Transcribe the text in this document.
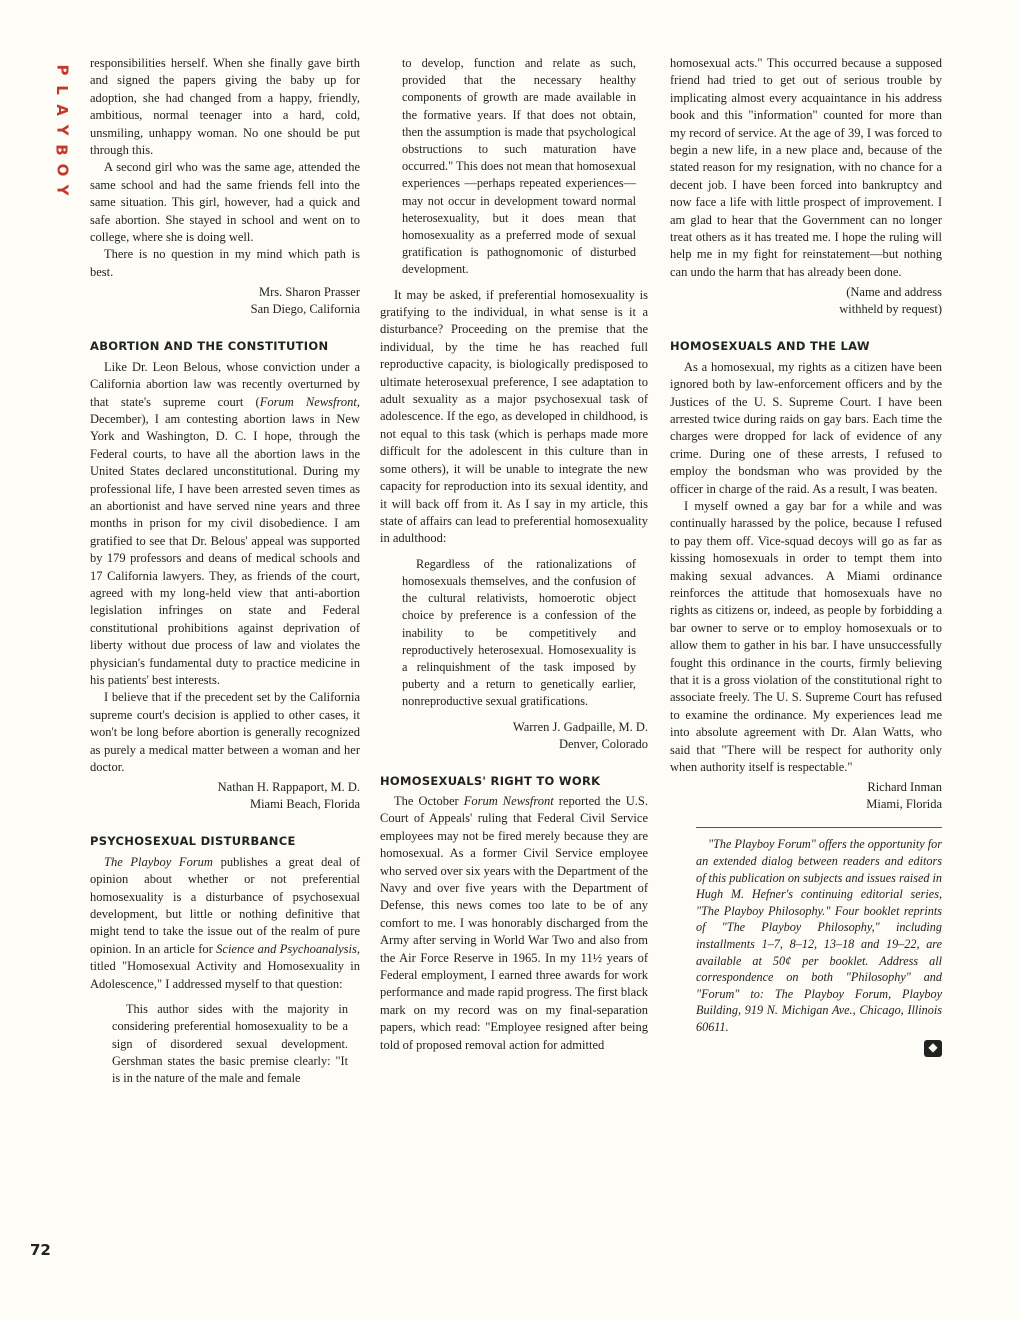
P
L
A
Y
B
O
Y
72

responsibilities herself. When she finally gave birth and signed the papers giving the baby up for adoption, she had changed from a happy, friendly, ambitious, normal teenager into a hard, cold, unsmiling, unhappy woman. No one should be put through this.

A second girl who was the same age, attended the same school and had the same friends fell into the same situation. This girl, however, had a quick and safe abortion. She stayed in school and went on to college, where she is doing well.

There is no question in my mind which path is best.

Mrs. Sharon Prasser
San Diego, California
ABORTION AND THE CONSTITUTION

Like Dr. Leon Belous, whose conviction under a California abortion law was recently overturned by that state's supreme court (Forum Newsfront, December), I am contesting abortion laws in New York and Washington, D. C. I hope, through the Federal courts, to have all the abortion laws in the United States declared unconstitutional. During my professional life, I have been arrested seven times as an abortionist and have served nine years and three months in prison for my civil disobedience. I am gratified to see that Dr. Belous' appeal was supported by 179 professors and deans of medical schools and 17 California lawyers. They, as friends of the court, agreed with my long-held view that anti-abortion legislation infringes on state and Federal constitutional prohibitions against deprivation of liberty without due process of law and violates the physician's fundamental duty to practice medicine in his patients' best interests.

I believe that if the precedent set by the California supreme court's decision is applied to other cases, it won't be long before abortion is generally recognized as purely a medical matter between a woman and her doctor.

Nathan H. Rappaport, M. D.
Miami Beach, Florida
PSYCHOSEXUAL DISTURBANCE

The Playboy Forum publishes a great deal of opinion about whether or not preferential homosexuality is a disturbance of psychosexual development, but little or nothing definitive that might tend to take the issue out of the realm of pure opinion. In an article for Science and Psychoanalysis, titled "Homosexual Activity and Homosexuality in Adolescence," I addressed myself to that question:

This author sides with the majority in considering preferential homosexuality to be a sign of disordered sexual development. Gershman states the basic premise clearly: "It is in the nature of the male and female

to develop, function and relate as such, provided that the necessary healthy components of growth are made available in the formative years. If that does not obtain, then the assumption is made that psychological obstructions to such maturation have occurred." This does not mean that homosexual experiences —perhaps repeated experiences— may not occur in development toward normal heterosexuality, but it does mean that homosexuality as a preferred mode of sexual gratification is pathognomonic of disturbed development.

It may be asked, if preferential homosexuality is gratifying to the individual, in what sense is it a disturbance? Proceeding on the premise that the individual, by the time he has reached full reproductive capacity, is biologically predisposed to ultimate heterosexual preference, I see adaptation to adult sexuality as a major psychosexual task of adolescence. If the ego, as developed in childhood, is not equal to this task (which is perhaps made more difficult for the adolescent in this culture than in some others), it will be unable to integrate the new capacity for reproduction into its sexual identity, and it will back off from it. As I say in my article, this state of affairs can lead to preferential homosexuality in adulthood:

Regardless of the rationalizations of homosexuals themselves, and the confusion of the cultural relativists, homoerotic object choice by preference is a confession of the inability to be competitively and reproductively heterosexual. Homosexuality is a relinquishment of the task imposed by puberty and a return to genetically earlier, nonreproductive sexual gratifications.

Warren J. Gadpaille, M. D.
Denver, Colorado
HOMOSEXUALS' RIGHT TO WORK

The October Forum Newsfront reported the U.S. Court of Appeals' ruling that Federal Civil Service employees may not be fired merely because they are homosexual. As a former Civil Service employee who served over six years with the Department of the Navy and over five years with the Department of Defense, this news comes too late to be of any comfort to me. I was honorably discharged from the Army after serving in World War Two and also from the Air Force Reserve in 1965. In my 11½ years of Federal employment, I earned three awards for work performance and made rapid progress. The first black mark on my record was on my final-separation papers, which read: "Employee resigned after being told of proposed removal action for admitted

homosexual acts." This occurred because a supposed friend had tried to get out of serious trouble by implicating almost every acquaintance in his address book and this "information" counted for more than my record of service. At the age of 39, I was forced to begin a new life, in a new place and, because of the stated reason for my resignation, with no chance for a decent job. I have been forced into bankruptcy and now face a life with little prospect of improvement. I am glad to hear that the Government can no longer treat others as it has treated me. I hope the ruling will help me in my fight for reinstatement—but nothing can undo the harm that has already been done.

(Name and address
withheld by request)
HOMOSEXUALS AND THE LAW

As a homosexual, my rights as a citizen have been ignored both by law-enforcement officers and by the Justices of the U. S. Supreme Court. I have been arrested twice during raids on gay bars. Each time the charges were dropped for lack of evidence of any crime. During one of these arrests, I refused to employ the bondsman who was provided by the officer in charge of the raid. As a result, I was beaten.

I myself owned a gay bar for a while and was continually harassed by the police, because I refused to pay them off. Vice-squad decoys will go as far as kissing homosexuals in order to tempt them into making sexual advances. A Miami ordinance reinforces the attitude that homosexuals have no rights as citizens or, indeed, as people by forbidding a bar owner to serve or to employ homosexuals or to allow them to gather in his bar. I have unsuccessfully fought this ordinance in the courts, firmly believing that it is a gross violation of the constitutional right to associate freely. The U. S. Supreme Court has refused to examine the ordinance. My experiences lead me into absolute agreement with Dr. Alan Watts, who said that "There will be respect for authority only when authority itself is respectable."

Richard Inman
Miami, Florida

"The Playboy Forum" offers the opportunity for an extended dialog between readers and editors of this publication on subjects and issues raised in Hugh M. Hefner's continuing editorial series, "The Playboy Philosophy." Four booklet reprints of "The Playboy Philosophy," including installments 1–7, 8–12, 13–18 and 19–22, are available at 50¢ per booklet. Address all correspondence on both "Philosophy" and "Forum" to: The Playboy Forum, Playboy Building, 919 N. Michigan Ave., Chicago, Illinois 60611.

◆
